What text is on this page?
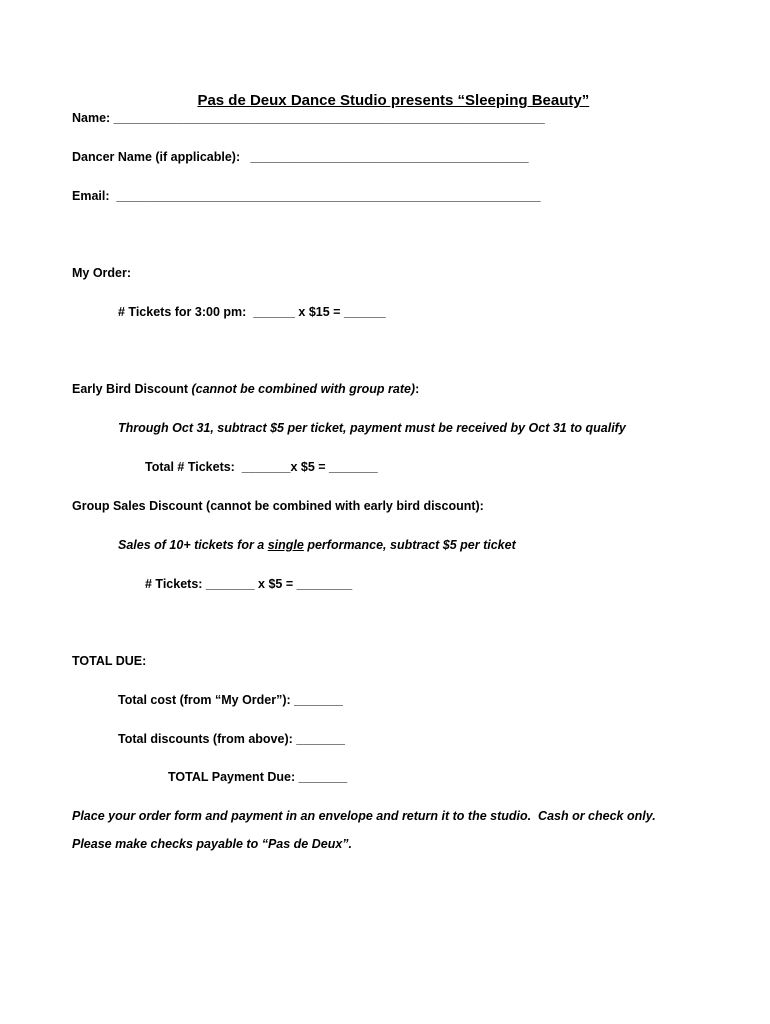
Pas de Deux Dance Studio presents “Sleeping Beauty”

Name: ______________________________________________________________
Dancer Name (if applicable):   ________________________________________
Email:  _____________________________________________________________
My Order:
# Tickets for 3:00 pm:  ______ x $15 = ______
Early Bird Discount (cannot be combined with group rate):
Through Oct 31, subtract $5 per ticket, payment must be received by Oct 31 to qualify
Total # Tickets:  _______x $5 = _______
Group Sales Discount (cannot be combined with early bird discount):
Sales of 10+ tickets for a single performance, subtract $5 per ticket
# Tickets: _______ x $5 = ________
TOTAL DUE:
Total cost (from “My Order”): _______
Total discounts (from above): _______
TOTAL Payment Due: _______
Place your order form and payment in an envelope and return it to the studio.  Cash or check only.
Please make checks payable to “Pas de Deux”.
